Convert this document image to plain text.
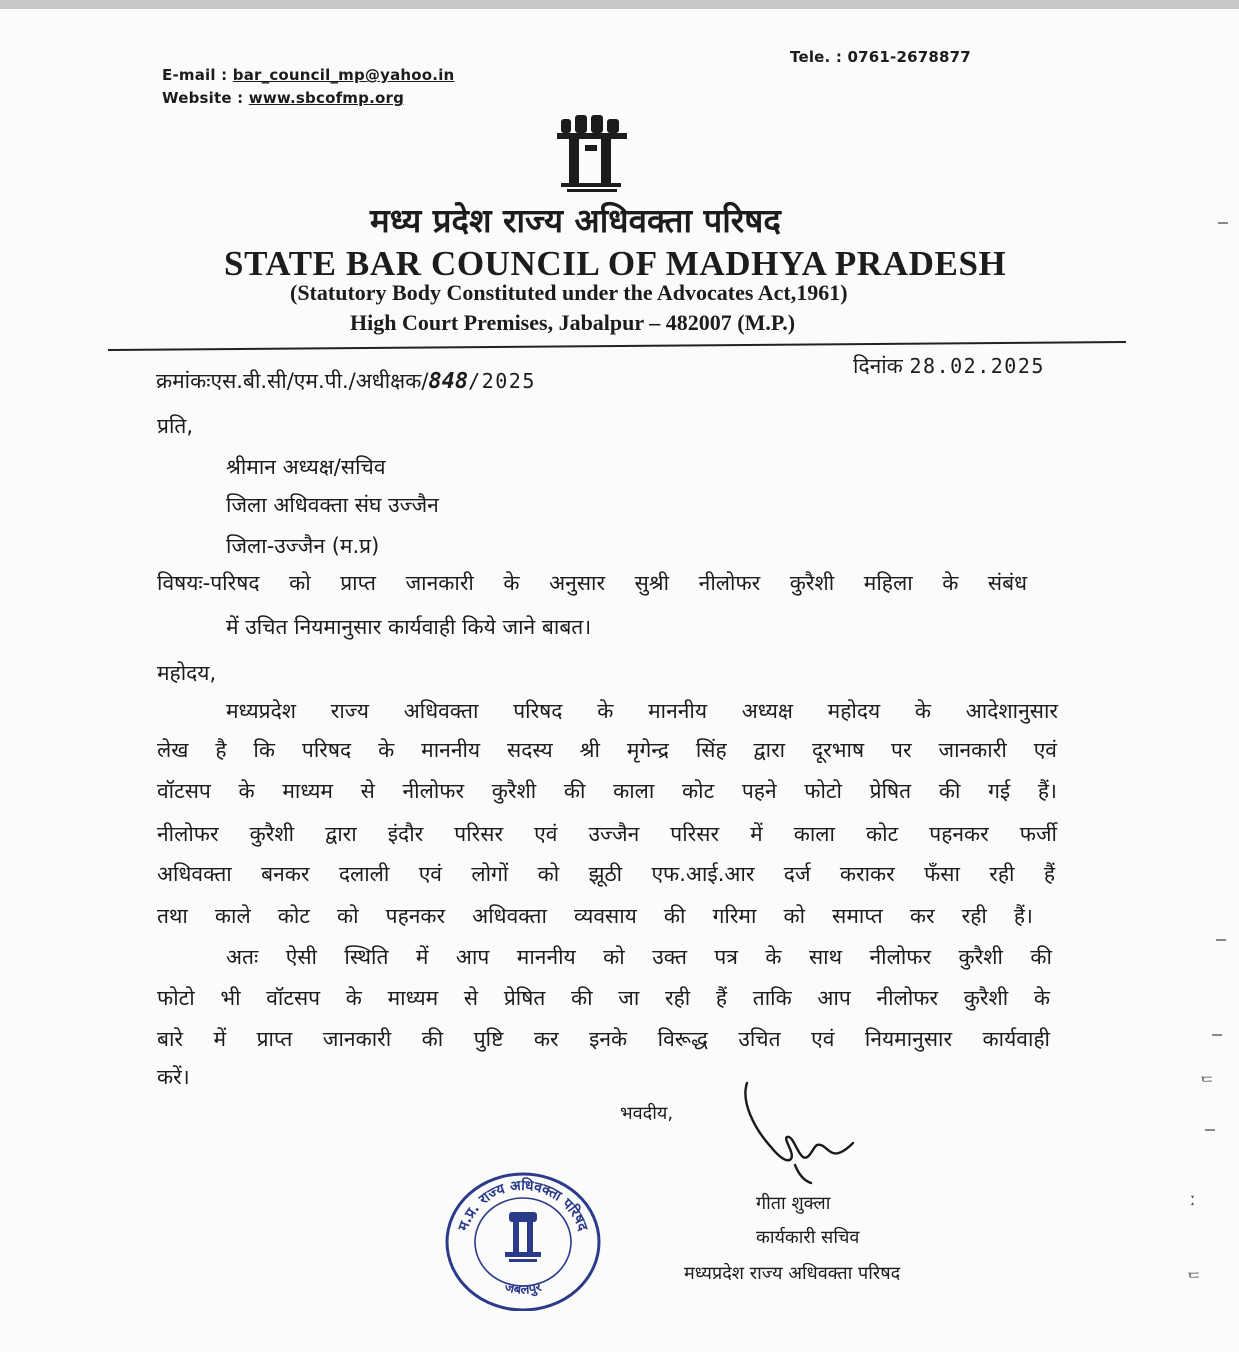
E-mail : bar_council_mp@yahoo.in
Website : www.sbcofmp.org
Tele. : 0761-2678877
मध्य प्रदेश राज्य अधिवक्ता परिषद
STATE BAR COUNCIL OF MADHYA PRADESH
(Statutory Body Constituted under the Advocates Act,1961)
High Court Premises, Jabalpur – 482007 (M.P.)
क्रमांकःएस.बी.सी/एम.पी./अधीक्षक/848/2025
दिनांक 28.02.2025
प्रति,
श्रीमान अध्यक्ष/सचिव
जिला अधिवक्ता संघ उज्जैन
जिला-उज्जैन (म.प्र)
विषयः-परिषद को प्राप्त जानकारी के अनुसार सुश्री नीलोफर कुरैशी महिला के संबंध
में उचित नियमानुसार कार्यवाही किये जाने बाबत।
महोदय,
मध्यप्रदेश राज्य अधिवक्ता परिषद के माननीय अध्यक्ष महोदय के आदेशानुसार
लेख है कि परिषद के माननीय सदस्य श्री मृगेन्द्र सिंह द्वारा दूरभाष पर जानकारी एवं
वॉटसप के माध्यम से नीलोफर कुरैशी की काला कोट पहने फोटो प्रेषित की गई हैं।
नीलोफर कुरैशी द्वारा इंदौर परिसर एवं उज्जैन परिसर में काला कोट पहनकर फर्जी
अधिवक्ता बनकर दलाली एवं लोगों को झूठी एफ.आई.आर दर्ज कराकर फँसा रही हैं
तथा काले कोट को पहनकर अधिवक्ता व्यवसाय की गरिमा को समाप्त कर रही हैं।
अतः ऐसी स्थिति में आप माननीय को उक्त पत्र के साथ नीलोफर कुरैशी की
फोटो भी वॉटसप के माध्यम से प्रेषित की जा रही हैं ताकि आप नीलोफर कुरैशी के
बारे में प्राप्त जानकारी की पुष्टि कर इनके विरूद्ध उचित एवं नियमानुसार कार्यवाही
करें।
भवदीय,
गीता शुक्ला
कार्यकारी सचिव
मध्यप्रदेश राज्य अधिवक्ता परिषद
म.प्र. राज्य अधिवक्ता परिषद
जबलपुर
ᄃ
ː
ᄃ
